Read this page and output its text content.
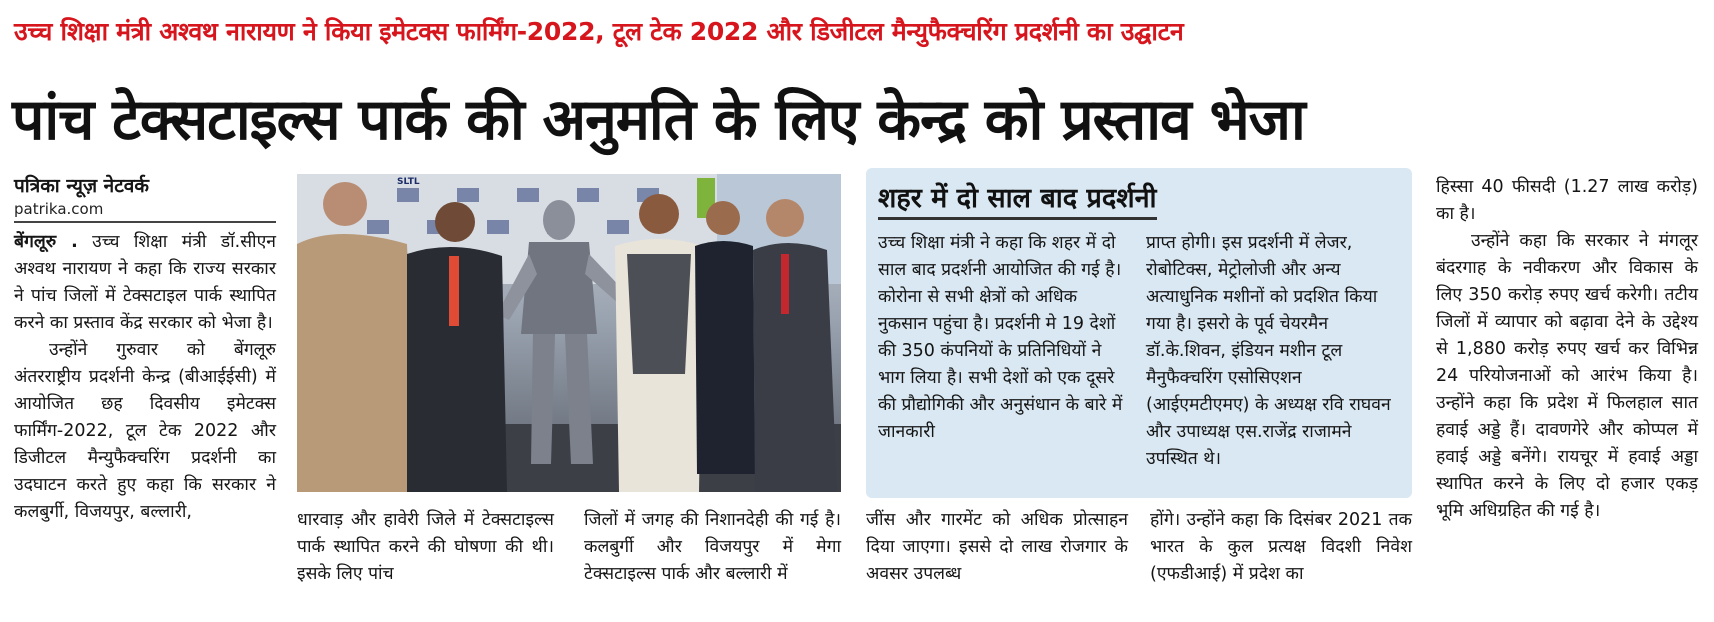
उच्च शिक्षा मंत्री अश्वथ नारायण ने किया इमेटक्स फार्मिंग-2022, टूल टेक 2022 और डिजीटल मैन्युफैक्चरिंग प्रदर्शनी का उद्घाटन
पांच टेक्सटाइल्स पार्क की अनुमति के लिए केन्द्र को प्रस्ताव भेजा
पत्रिका न्यूज़ नेटवर्क
patrika.com

बेंगलूरु . उच्च शिक्षा मंत्री डॉ.सीएन अश्वथ नारायण ने कहा कि राज्य सरकार ने पांच जिलों में टेक्सटाइल पार्क स्थापित करने का प्रस्ताव केंद्र सरकार को भेजा है।

उन्होंने गुरुवार को बेंगलूरु अंतरराष्ट्रीय प्रदर्शनी केन्द्र (बीआईईसी) में आयोजित छह दिवसीय इमेटक्स फार्मिंग-2022, टूल टेक 2022 और डिजीटल मैन्युफैक्चरिंग प्रदर्शनी का उदघाटन करते हुए कहा कि सरकार ने कलबुर्गी, विजयपुर, बल्लारी,

SLTL
धारवाड़ और हावेरी जिले में टेक्सटाइल्स पार्क स्थापित करने की घोषणा की थी। इसके लिए पांच
जिलों में जगह की निशानदेही की गई है। कलबुर्गी और विजयपुर में मेगा टेक्सटाइल्स पार्क और बल्लारी में
शहर में दो साल बाद प्रदर्शनी
उच्च शिक्षा मंत्री ने कहा कि शहर में दो साल बाद प्रदर्शनी आयोजित की गई है। कोरोना से सभी क्षेत्रों को अधिक नुकसान पहुंचा है। प्रदर्शनी मे 19 देशों की 350 कंपनियों के प्रतिनिधियों ने भाग लिया है। सभी देशों को एक दूसरे की प्रौद्योगिकी और अनुसंधान के बारे में जानकारी
प्राप्त होगी। इस प्रदर्शनी में लेजर, रोबोटिक्स, मेट्रोलोजी और अन्य अत्याधुनिक मशीनों को प्रदशित किया गया है। इसरो के पूर्व चेयरमैन डॉ.के.शिवन, इंडियन मशीन टूल मैनुफैक्चरिंग एसोसिएशन (आईएमटीएमए) के अध्यक्ष रवि राघवन और उपाध्यक्ष एस.राजेंद्र राजामने उपस्थित थे।
जींस और गारमेंट को अधिक प्रोत्साहन दिया जाएगा। इससे दो लाख रोजगार के अवसर उपलब्ध
होंगे। उन्होंने कहा कि दिसंबर 2021 तक भारत के कुल प्रत्यक्ष विदशी निवेश (एफडीआई) में प्रदेश का

हिस्सा 40 फीसदी (1.27 लाख करोड़) का है।

उन्होंने कहा कि सरकार ने मंगलूर बंदरगाह के नवीकरण और विकास के लिए 350 करोड़ रुपए खर्च करेगी। तटीय जिलों में व्यापार को बढ़ावा देने के उद्देश्य से 1,880 करोड़ रुपए खर्च कर विभिन्न 24 परियोजनाओं को आरंभ किया है। उन्होंने कहा कि प्रदेश में फिलहाल सात हवाई अड्डे हैं। दावणगेरे और कोप्पल में हवाई अड्डे बनेंगे। रायचूर में हवाई अड्डा स्थापित करने के लिए दो हजार एकड़ भूमि अधिग्रहित की गई है।
